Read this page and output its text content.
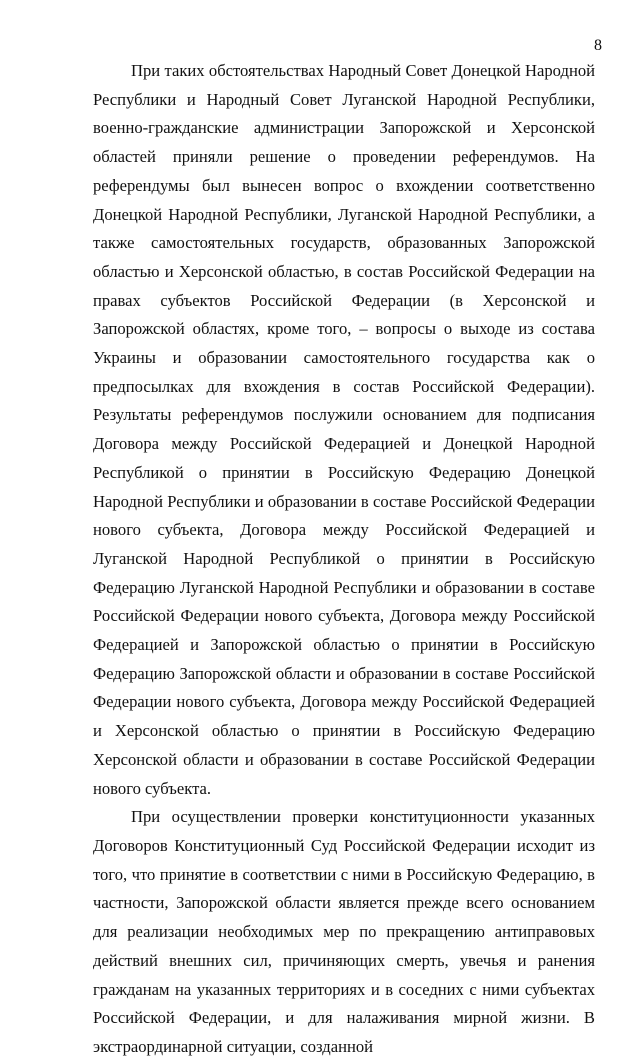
8

При таких обстоятельствах Народный Совет Донецкой Народной Республики и Народный Совет Луганской Народной Республики, военно-гражданские администрации Запорожской и Херсонской областей приняли решение о проведении референдумов. На референдумы был вынесен вопрос о вхождении соответственно Донецкой Народной Республики, Луганской Народной Республики, а также самостоятельных государств, образованных Запорожской областью и Херсонской областью, в состав Российской Федерации на правах субъектов Российской Федерации (в Херсонской и Запорожской областях, кроме того, – вопросы о выходе из состава Украины и образовании самостоятельного государства как о предпосылках для вхождения в состав Российской Федерации). Результаты референдумов послужили основанием для подписания Договора между Российской Федерацией и Донецкой Народной Республикой о принятии в Российскую Федерацию Донецкой Народной Республики и образовании в составе Российской Федерации нового субъекта, Договора между Российской Федерацией и Луганской Народной Республикой о принятии в Российскую Федерацию Луганской Народной Республики и образовании в составе Российской Федерации нового субъекта, Договора между Российской Федерацией и Запорожской областью о принятии в Российскую Федерацию Запорожской области и образовании в составе Российской Федерации нового субъекта, Договора между Российской Федерацией и Херсонской областью о принятии в Российскую Федерацию Херсонской области и образовании в составе Российской Федерации нового субъекта.

При осуществлении проверки конституционности указанных Договоров Конституционный Суд Российской Федерации исходит из того, что принятие в соответствии с ними в Российскую Федерацию, в частности, Запорожской области является прежде всего основанием для реализации необходимых мер по прекращению антиправовых действий внешних сил, причиняющих смерть, увечья и ранения гражданам на указанных территориях и в соседних с ними субъектах Российской Федерации, и для налаживания мирной жизни. В экстраординарной ситуации, созданной
